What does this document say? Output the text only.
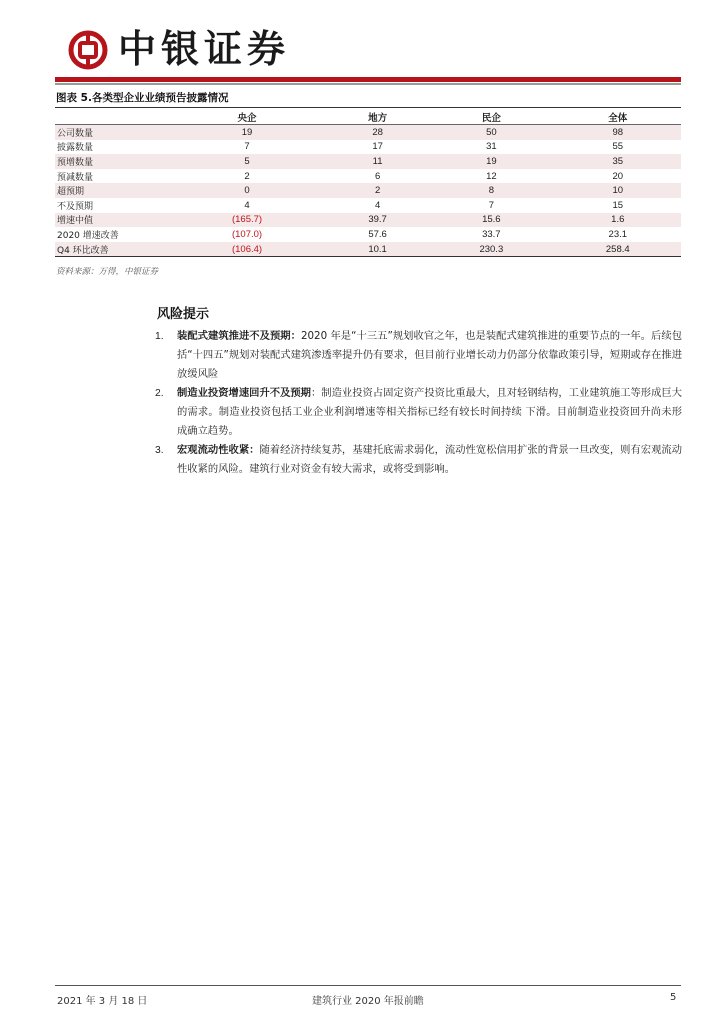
中银证券
图表 5.各类型企业业绩预告披露情况
	央企	地方	民企	全体
公司数量	19	28	50	98
披露数量	7	17	31	55
预增数量	5	11	19	35
预减数量	2	6	12	20
超预期	0	2	8	10
不及预期	4	4	7	15
增速中值	(165.7)	39.7	15.6	1.6
2020 增速改善	(107.0)	57.6	33.7	23.1
Q4 环比改善	(106.4)	10.1	230.3	258.4
资料来源：万得，中银证券
风险提示
1. 装配式建筑推进不及预期：2020 年是“十三五”规划收官之年，也是装配式建筑推进的重要节点的一年。后续包括“十四五”规划对装配式建筑渗透率提升仍有要求，但目前行业增长动力仍部分依靠政策引导，短期或存在推进放缓风险
2. 制造业投资增速回升不及预期：制造业投资占固定资产投资比重最大，且对轻钢结构，工业建筑施工等形成巨大的需求。制造业投资包括工业企业利润增速等相关指标已经有较长时间持续 下滑。目前制造业投资回升尚未形成确立趋势。
3. 宏观流动性收紧：随着经济持续复苏，基建托底需求弱化，流动性宽松信用扩张的背景一旦改变，则有宏观流动性收紧的风险。建筑行业对资金有较大需求，或将受到影响。
2021 年 3 月 18 日	建筑行业 2020 年报前瞻	5
